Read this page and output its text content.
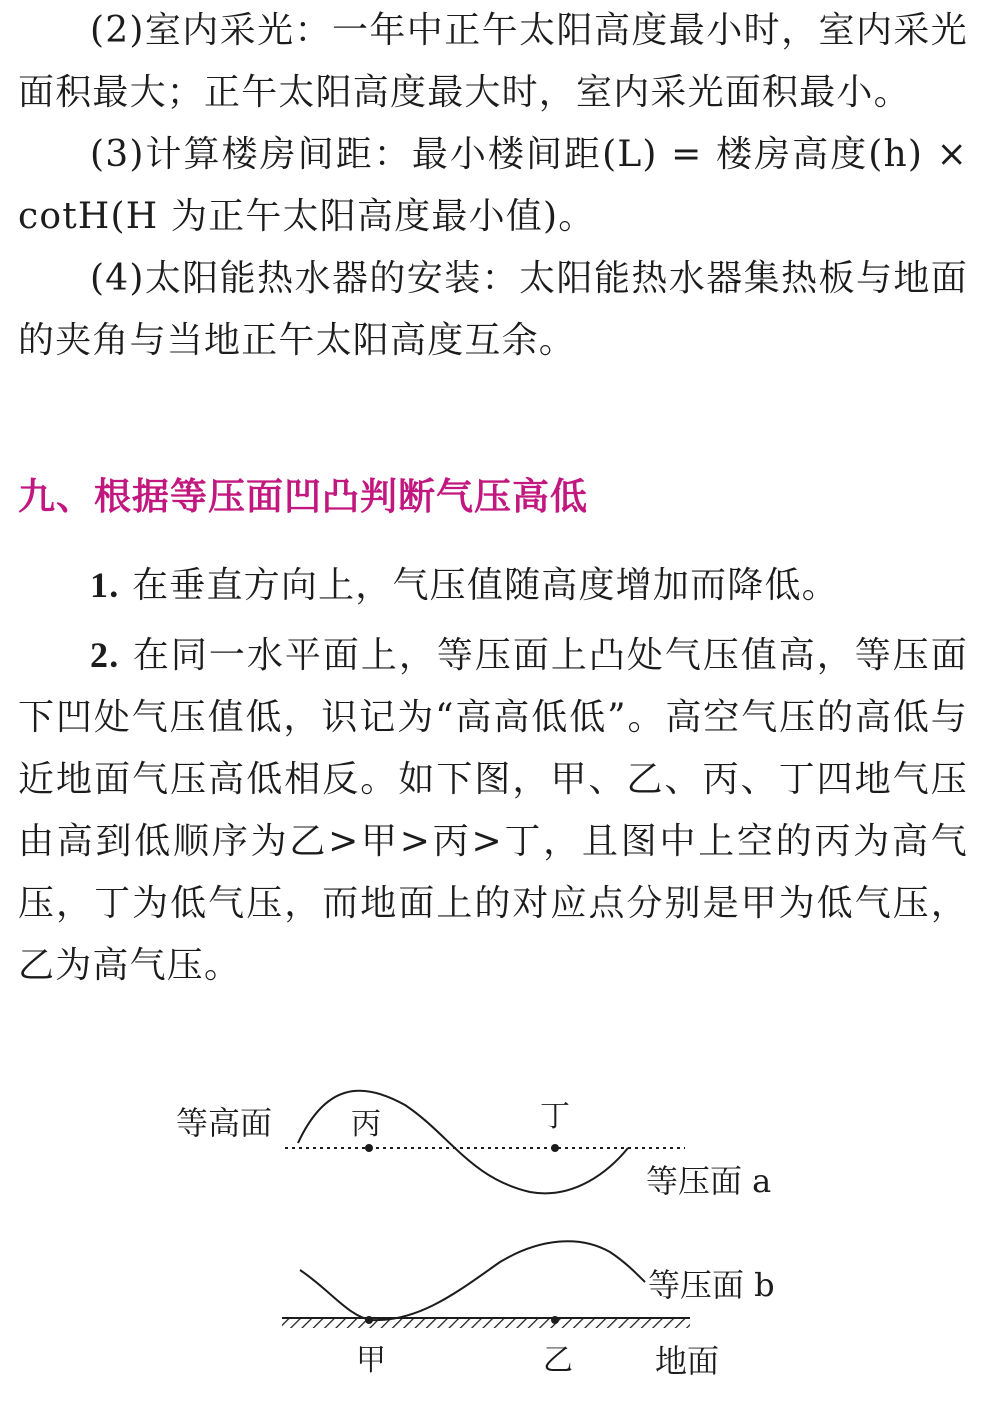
(2)室内采光：一年中正午太阳高度最小时，室内采光面积最大；正午太阳高度最大时，室内采光面积最小。

(3)计算楼房间距：最小楼间距(L) = 楼房高度(h) × cotH(H 为正午太阳高度最小值)。

(4)太阳能热水器的安装：太阳能热水器集热板与地面的夹角与当地正午太阳高度互余。

九、根据等压面凹凸判断气压高低

1. 在垂直方向上，气压值随高度增加而降低。

2. 在同一水平面上，等压面上凸处气压值高，等压面下凹处气压值低，识记为“高高低低”。高空气压的高低与近地面气压高低相反。如下图，甲、乙、丙、丁四地气压由高到低顺序为乙>甲>丙>丁，且图中上空的丙为高气压，丁为低气压，而地面上的对应点分别是甲为低气压，乙为高气压。

等高面	丙	丁
等压面 a
等压面 b
甲	乙	地面
